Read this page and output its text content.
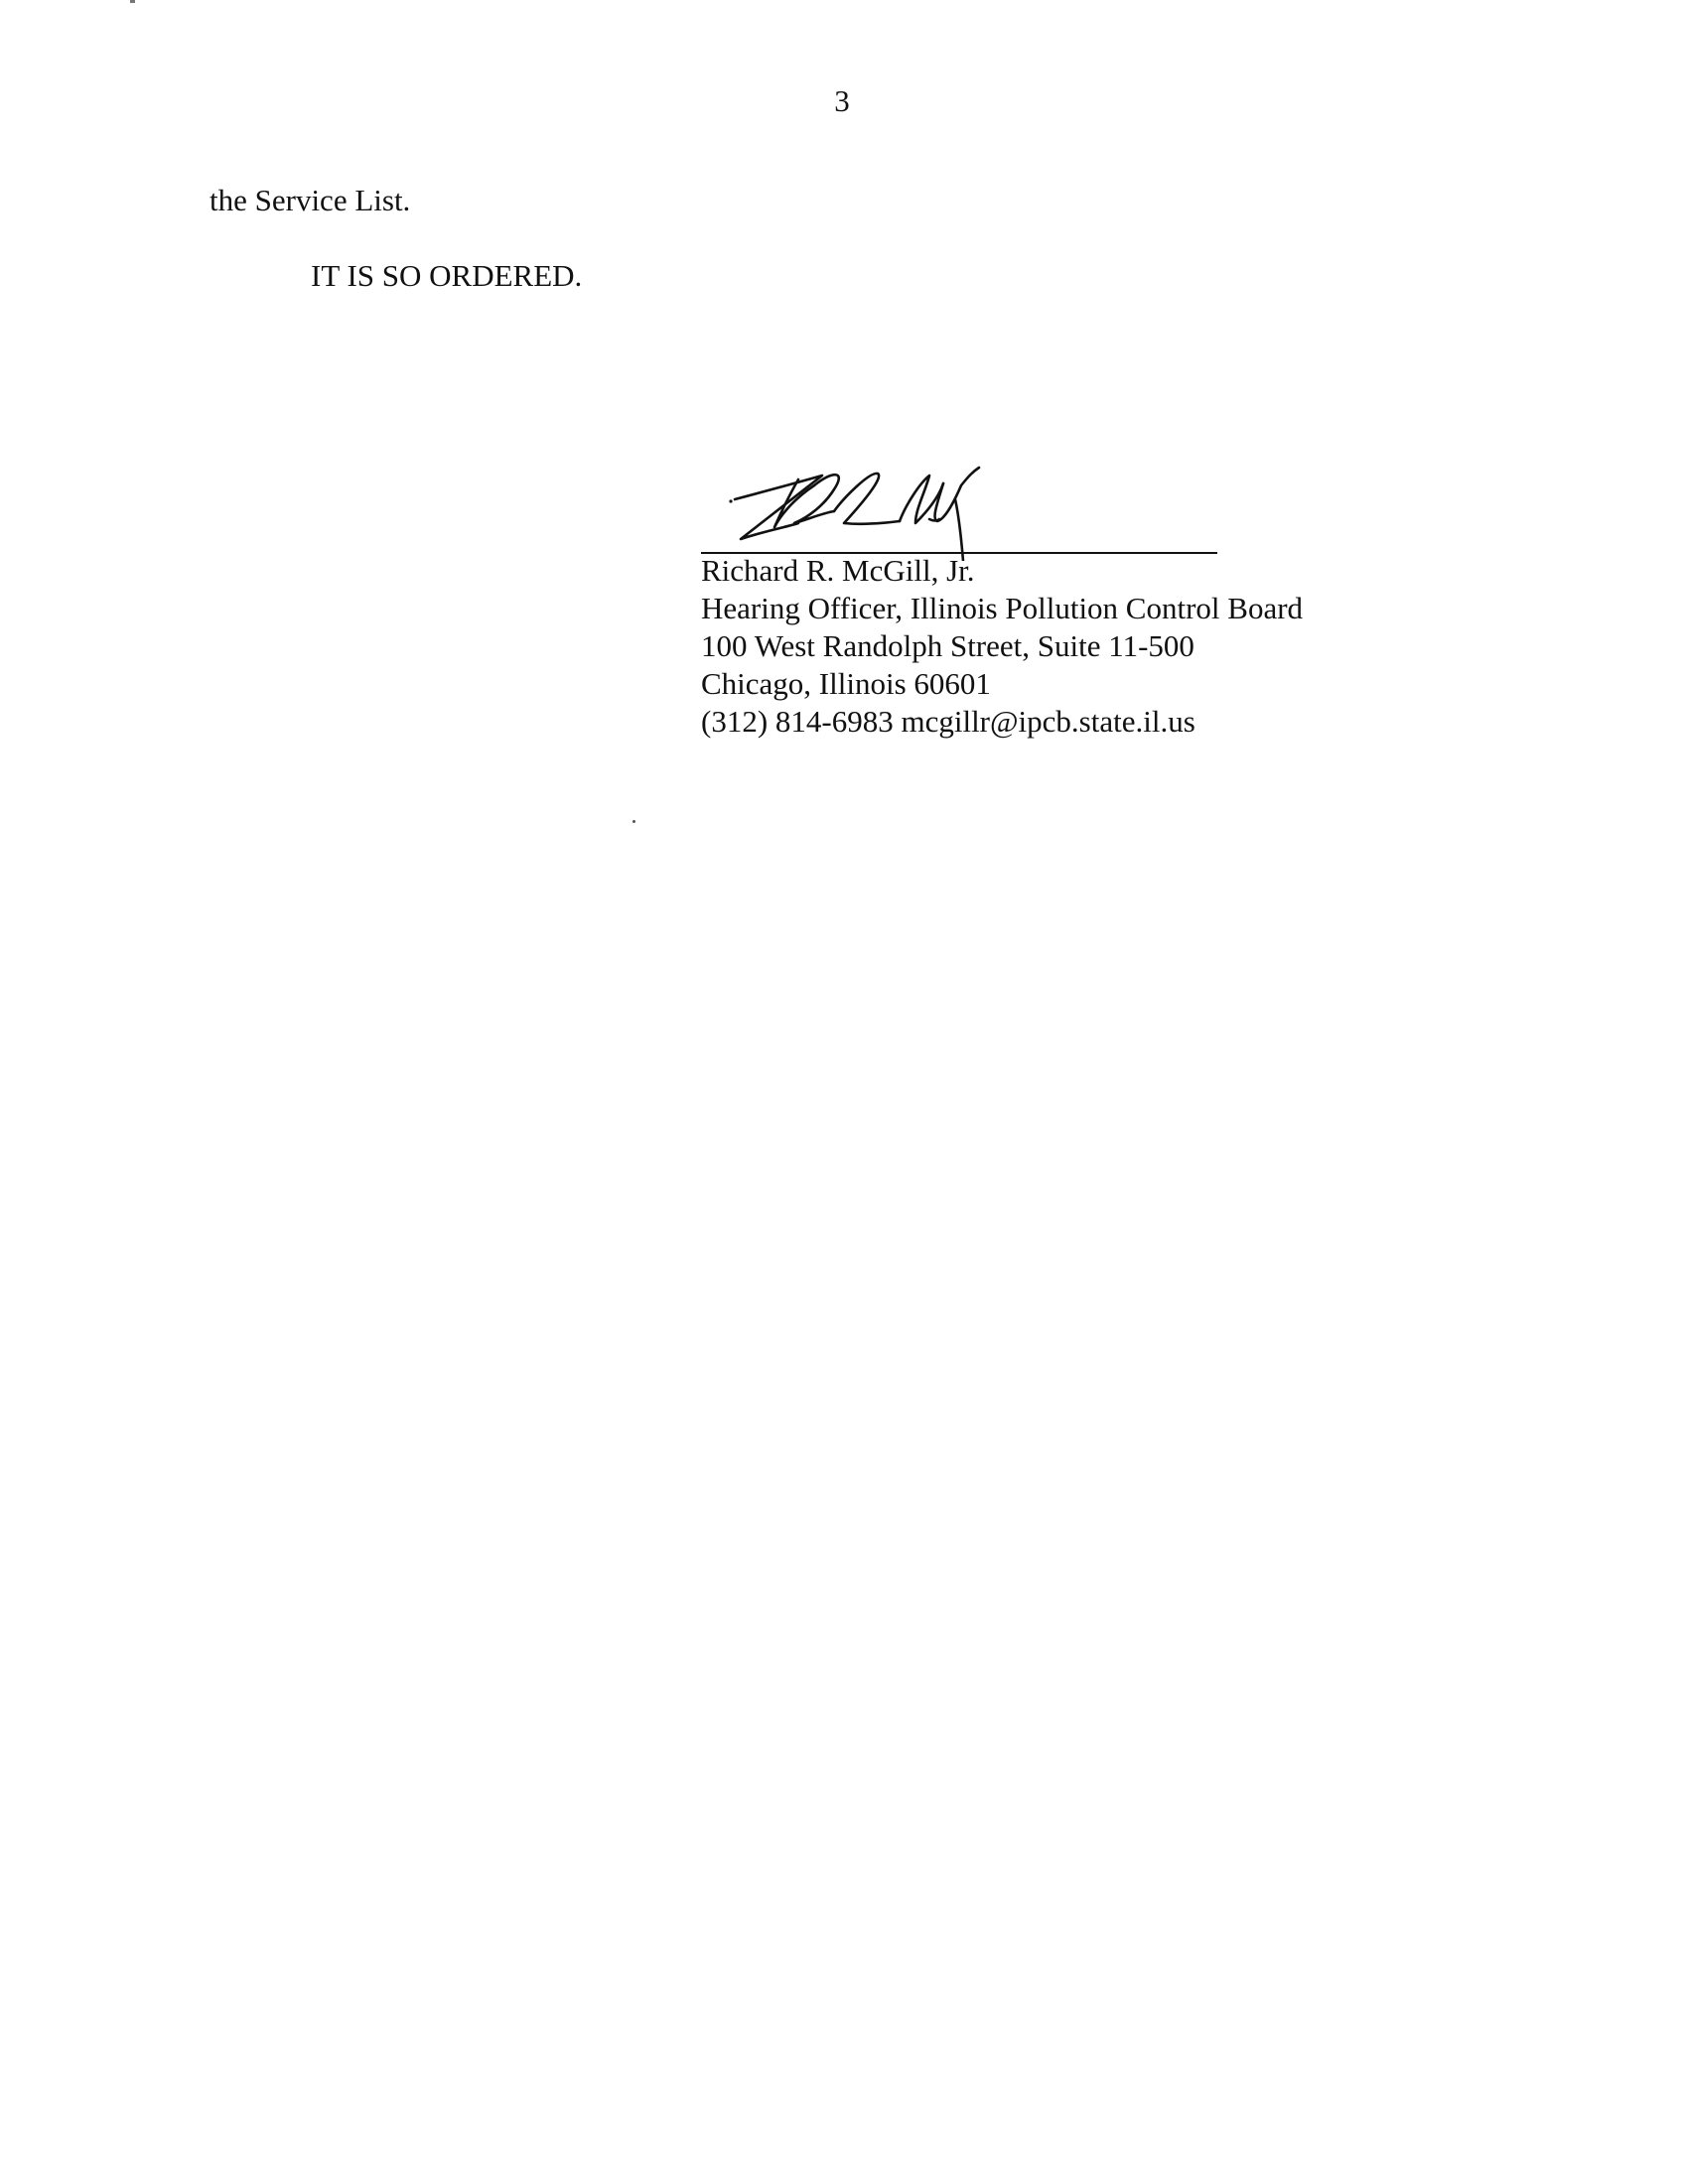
3
the Service List.
IT IS SO ORDERED.
Richard R. McGill, Jr.
Hearing Officer, Illinois Pollution Control Board
100 West Randolph Street, Suite 11-500
Chicago, Illinois 60601
(312) 814-6983 mcgillr@ipcb.state.il.us
